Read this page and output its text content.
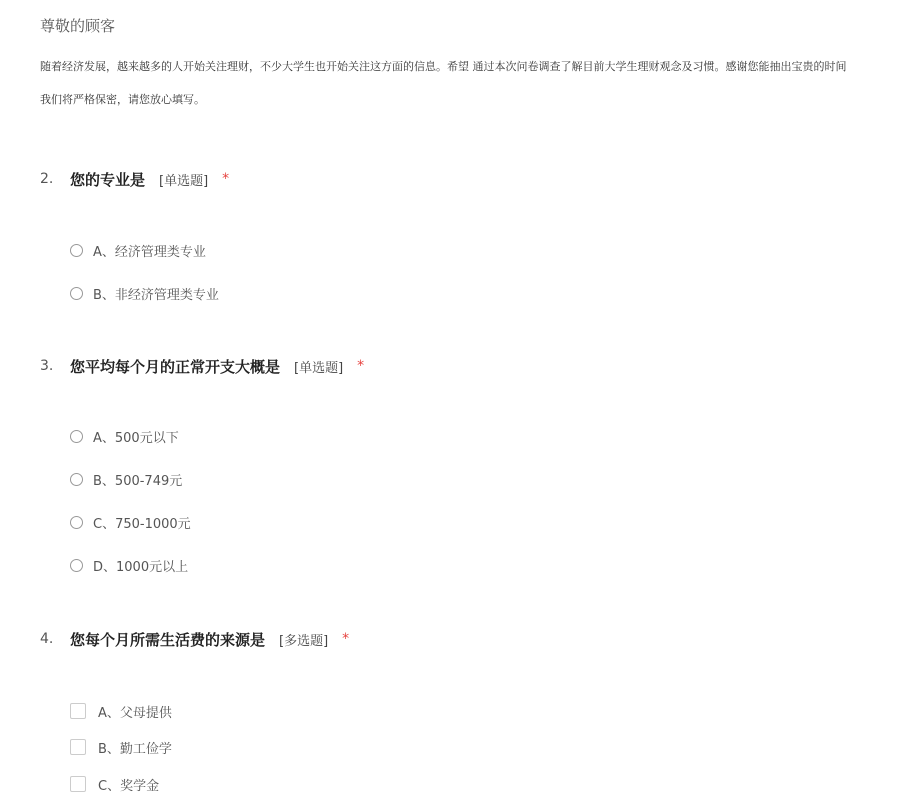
尊敬的顾客
随着经济发展，越来越多的人开始关注理财，不少大学生也开始关注这方面的信息。希望 通过本次问卷调查了解目前大学生理财观念及习惯。感谢您能抽出宝贵的时间
我们将严格保密，请您放心填写。
2.	您的专业是 [单选题] *
A、经济管理类专业
B、非经济管理类专业
3.	您平均每个月的正常开支大概是 [单选题] *
A、500元以下
B、500-749元
C、750-1000元
D、1000元以上
4.	您每个月所需生活费的来源是 [多选题] *
A、父母提供
B、勤工俭学
C、奖学金
